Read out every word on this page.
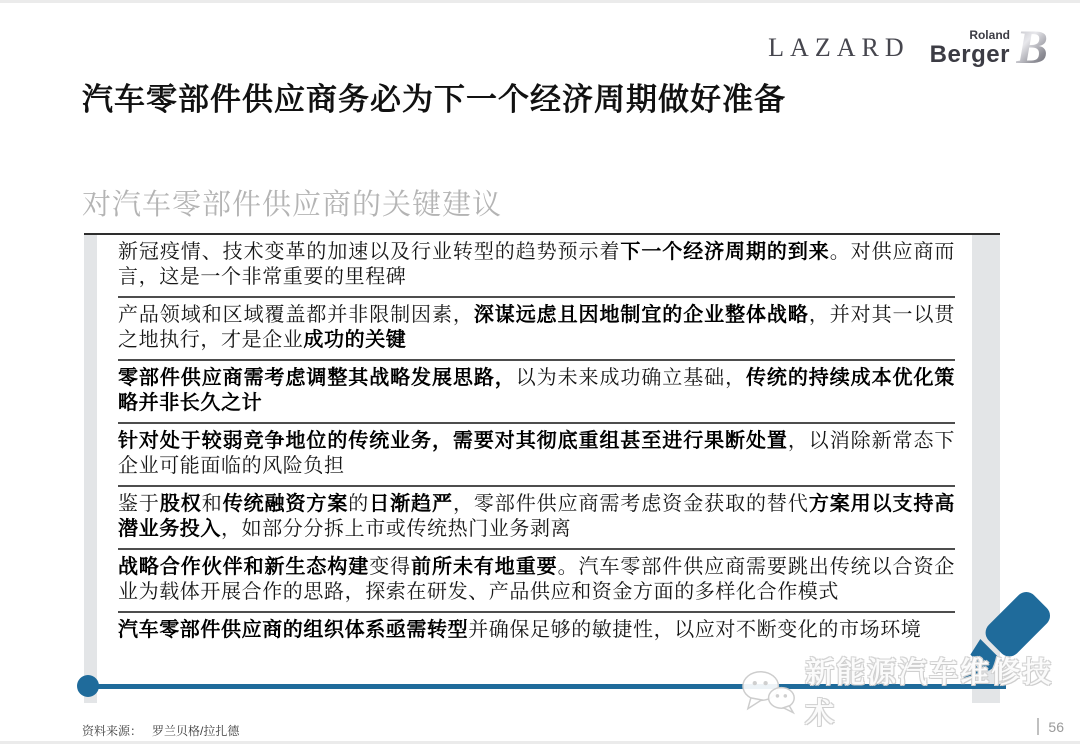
LAZARD	Roland
Berger B
汽车零部件供应商务必为下一个经济周期做好准备
对汽车零部件供应商的关键建议
新冠疫情、技术变革的加速以及行业转型的趋势预示着下一个经济周期的到来。对供应商而言，这是一个非常重要的里程碑
产品领域和区域覆盖都并非限制因素，深谋远虑且因地制宜的企业整体战略，并对其一以贯之地执行，才是企业成功的关键
零部件供应商需考虑调整其战略发展思路，以为未来成功确立基础，传统的持续成本优化策略并非长久之计
针对处于较弱竞争地位的传统业务，需要对其彻底重组甚至进行果断处置，以消除新常态下企业可能面临的风险负担
鉴于股权和传统融资方案的日渐趋严，零部件供应商需考虑资金获取的替代方案用以支持高潜业务投入，如部分分拆上市或传统热门业务剥离
战略合作伙伴和新生态构建变得前所未有地重要。汽车零部件供应商需要跳出传统以合资企业为载体开展合作的思路，探索在研发、产品供应和资金方面的多样化合作模式
汽车零部件供应商的组织体系亟需转型并确保足够的敏捷性，以应对不断变化的市场环境
新能源汽车维修技术
资料来源： 罗兰贝格/拉扎德	56
